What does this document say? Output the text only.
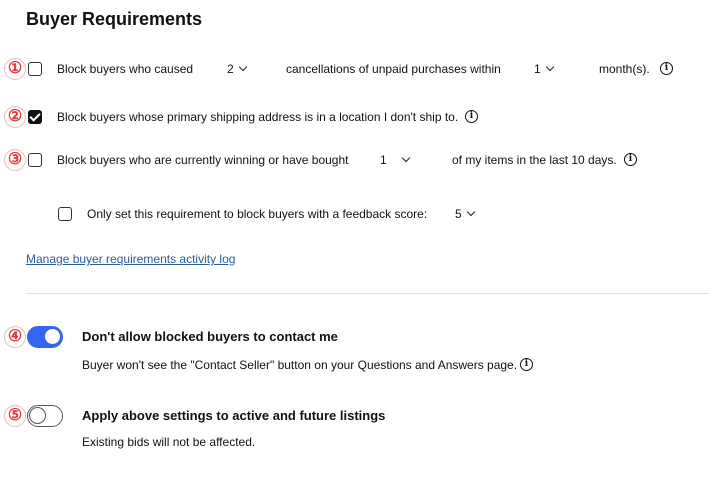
Buyer Requirements
①	Block buyers who caused	2	cancellations of unpaid purchases within	1	month(s).	i
②	Block buyers whose primary shipping address is in a location I don't ship to.	i
③	Block buyers who are currently winning or have bought	1	of my items in the last 10 days.	i
Only set this requirement to block buyers with a feedback score: 5
Manage buyer requirements activity log
④	Don't allow blocked buyers to contact me
Buyer won't see the "Contact Seller" button on your Questions and Answers page. i
⑤	Apply above settings to active and future listings
Existing bids will not be affected.
